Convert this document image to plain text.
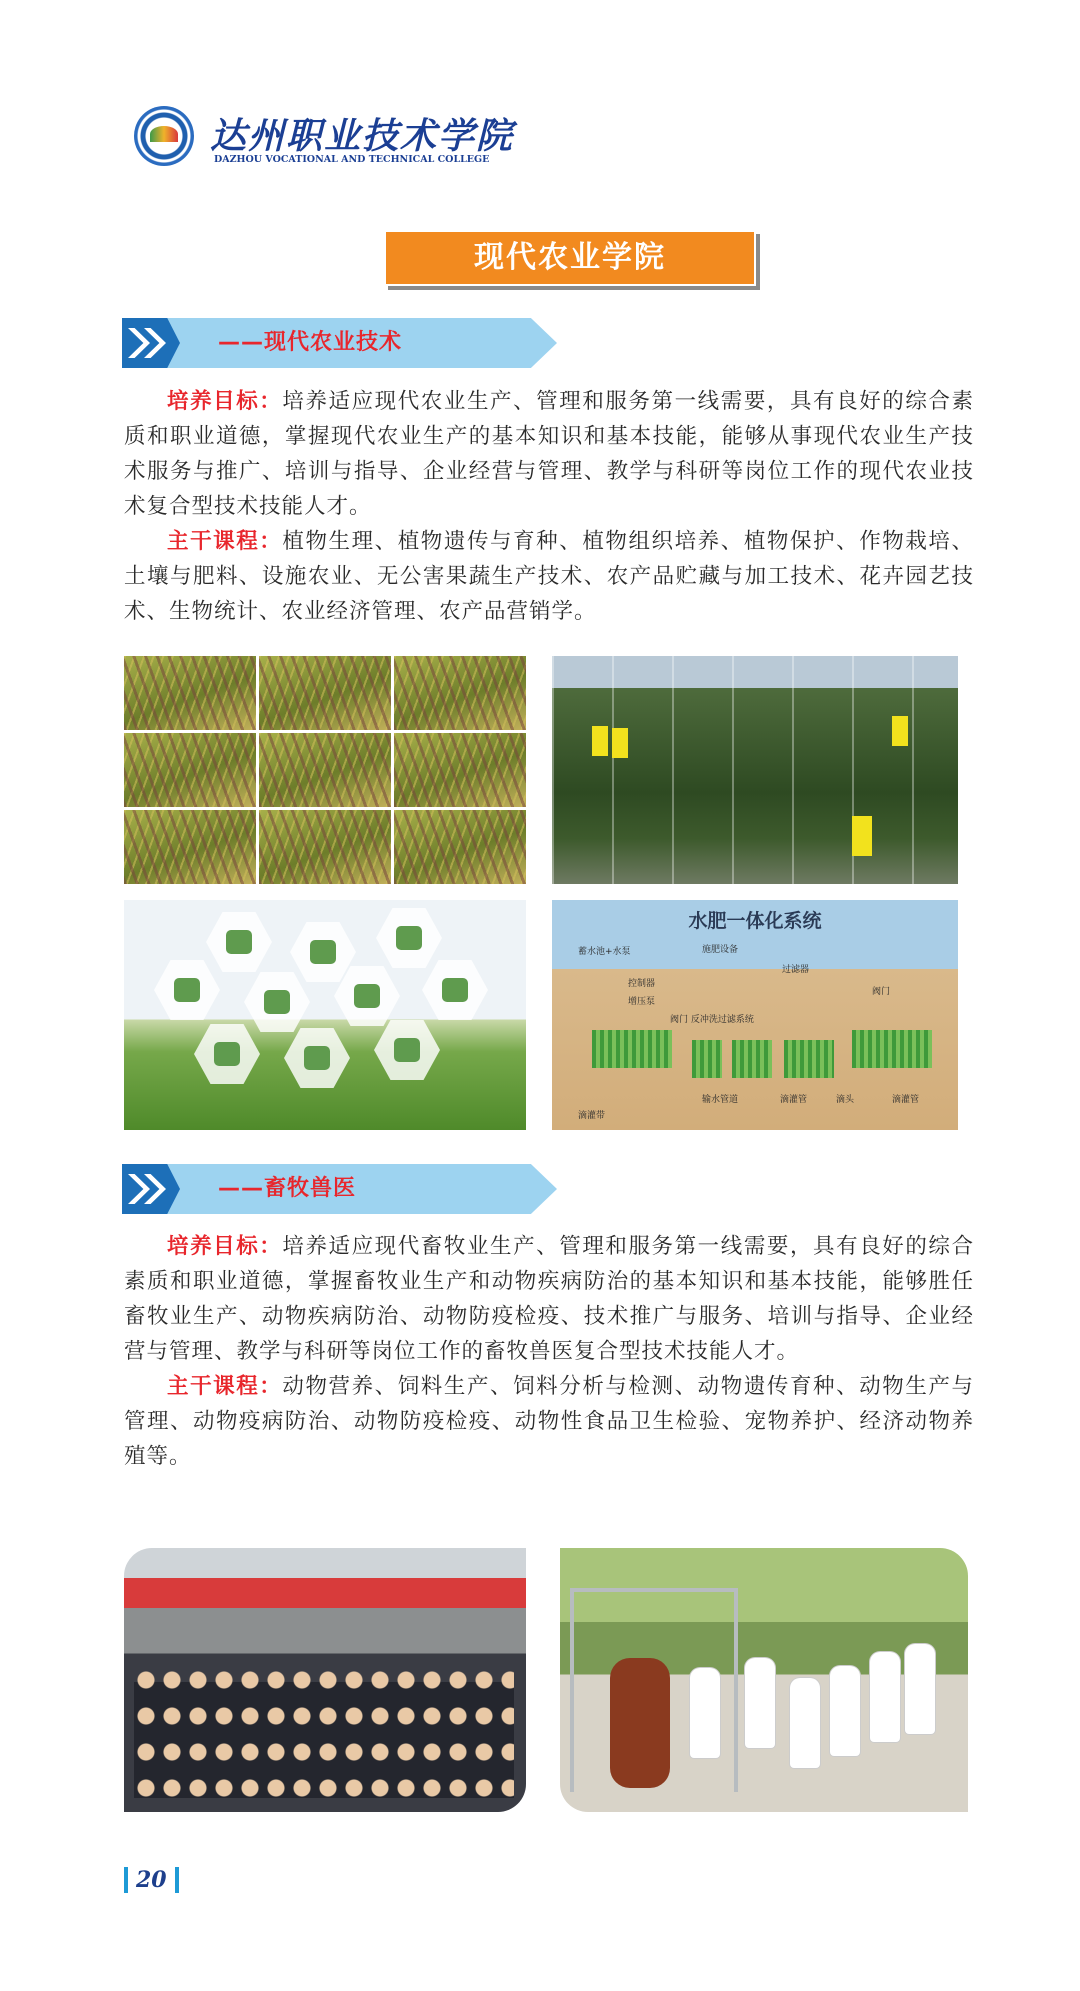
达州职业技术学院
DAZHOU VOCATIONAL AND TECHNICAL COLLEGE
现代农业学院
——现代农业技术

培养目标：培养适应现代农业生产、管理和服务第一线需要，具有良好的综合素质和职业道德，掌握现代农业生产的基本知识和基本技能，能够从事现代农业生产技术服务与推广、培训与指导、企业经营与管理、教学与科研等岗位工作的现代农业技术复合型技术技能人才。

主干课程：植物生理、植物遗传与育种、植物组织培养、植物保护、作物栽培、土壤与肥料、设施农业、无公害果蔬生产技术、农产品贮藏与加工技术、花卉园艺技术、生物统计、农业经济管理、农产品营销学。

水肥一体化系统
蓄水池+水泵	施肥设备
控制器
增压泵
过滤器
阀门
阀门 反冲洗过滤系统
输水管道	滴灌管	滴头	滴灌管
滴灌带
——畜牧兽医

培养目标：培养适应现代畜牧业生产、管理和服务第一线需要，具有良好的综合素质和职业道德，掌握畜牧业生产和动物疾病防治的基本知识和基本技能，能够胜任畜牧业生产、动物疾病防治、动物防疫检疫、技术推广与服务、培训与指导、企业经营与管理、教学与科研等岗位工作的畜牧兽医复合型技术技能人才。

主干课程：动物营养、饲料生产、饲料分析与检测、动物遗传育种、动物生产与管理、动物疫病防治、动物防疫检疫、动物性食品卫生检验、宠物养护、经济动物养殖等。

20
